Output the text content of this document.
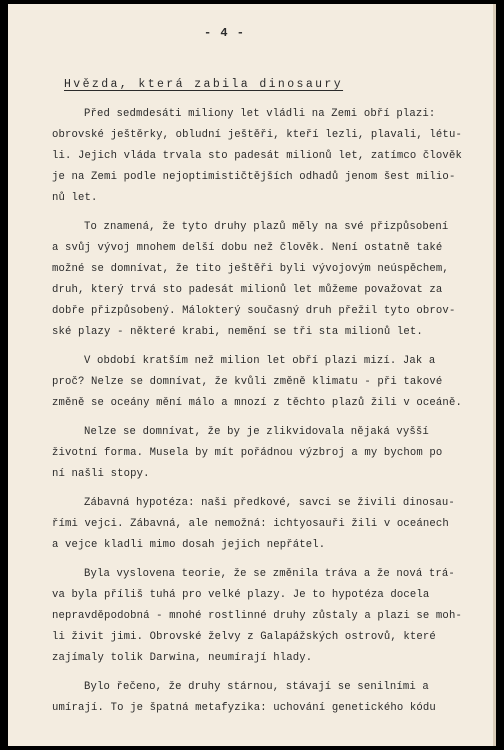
- 4 -
Hvězda, která zabila dinosaury
Před sedmdesáti miliony let vládli na Zemi obří plazi:
obrovské ještěrky, obludní ještěři, kteří lezli, plavali, létu-
li. Jejich vláda trvala sto padesát milionů let, zatímco člověk
je na Zemi podle nejoptimističtějších odhadů jenom šest milio-
nů let.
To znamená, že tyto druhy plazů měly na své přizpůsobení
a svůj vývoj mnohem delší dobu než člověk. Není ostatně také
možné se domnívat, že tito ještěři byli vývojovým neúspěchem,
druh, který trvá sto padesát milionů let můžeme považovat za
dobře přizpůsobený. Málokterý současný druh přežil tyto obrov-
ské plazy - některé krabi, nemění se tři sta milionů let.
V období kratším než milion let obří plazi mizí. Jak a
proč? Nelze se domnívat, že kvůli změně klimatu - při takové
změně se oceány mění málo a mnozí z těchto plazů žili v oceáně.
Nelze se domnívat, že by je zlikvidovala nějaká vyšší
životní forma. Musela by mít pořádnou výzbroj a my bychom po
ní našli stopy.
Zábavná hypotéza: naši předkové, savci se živili dinosau-
řími vejci. Zábavná, ale nemožná: ichtyosauři žili v oceánech
a vejce kladli mimo dosah jejich nepřátel.
Byla vyslovena teorie, že se změnila tráva a že nová trá-
va byla příliš tuhá pro velké plazy. Je to hypotéza docela
nepravděpodobná - mnohé rostlinné druhy zůstaly a plazi se moh-
li živit jimi. Obrovské želvy z Galapážských ostrovů, které
zajímaly tolik Darwina, neumírají hlady.
Bylo řečeno, že druhy stárnou, stávají se senilními a
umírají. To je špatná metafyzika: uchování genetického kódu
